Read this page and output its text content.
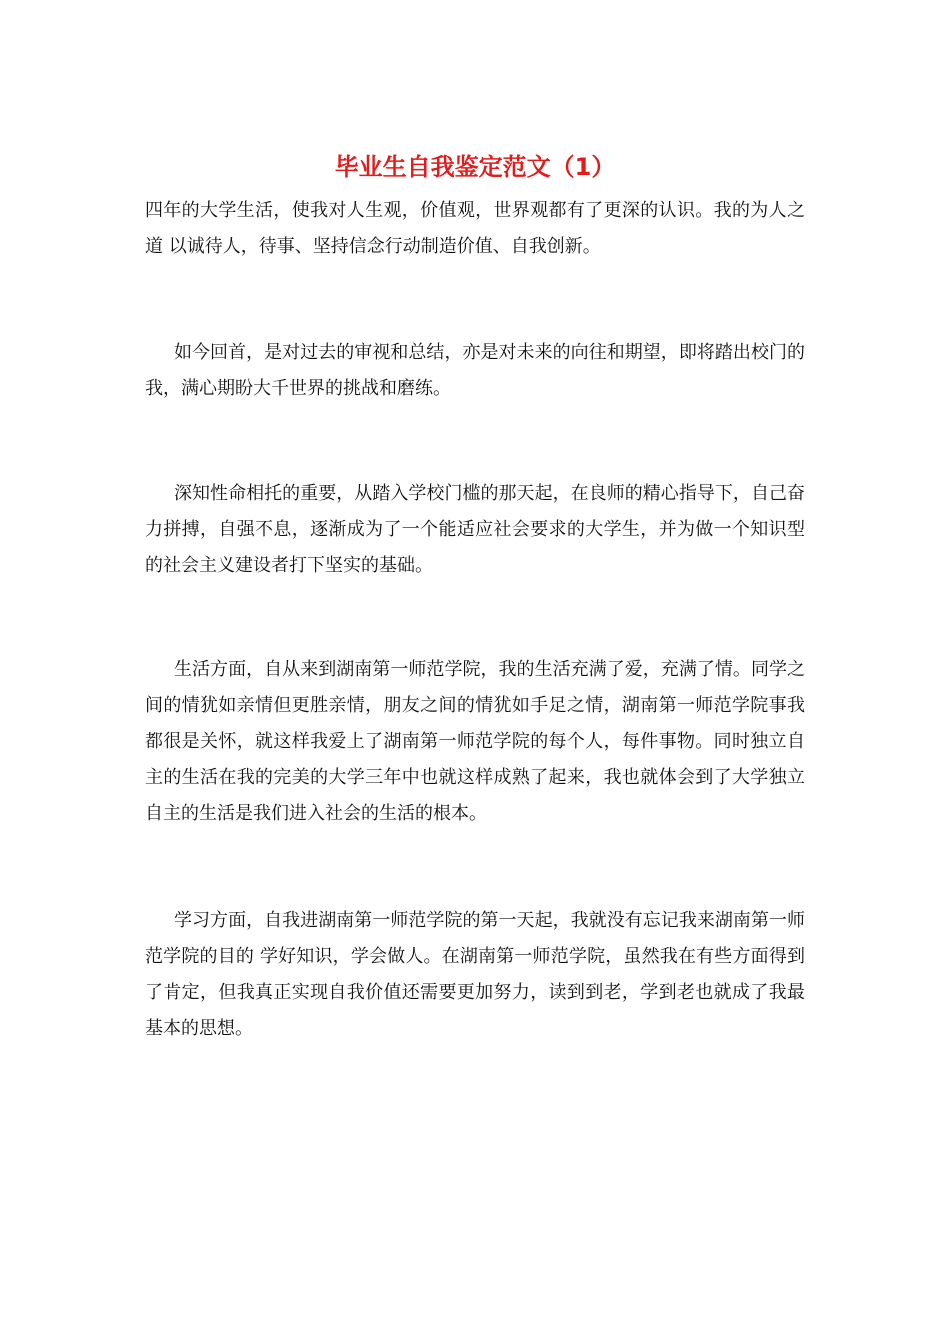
毕业生自我鉴定范文（1）

四年的大学生活，使我对人生观，价值观，世界观都有了更深的认识。我的为人之道 以诚待人，待事、坚持信念行动制造价值、自我创新。

如今回首，是对过去的审视和总结，亦是对未来的向往和期望，即将踏出校门的我，满心期盼大千世界的挑战和磨练。

深知性命相托的重要，从踏入学校门槛的那天起，在良师的精心指导下，自己奋力拼搏，自强不息，逐渐成为了一个能适应社会要求的大学生，并为做一个知识型的社会主义建设者打下坚实的基础。

生活方面，自从来到湖南第一师范学院，我的生活充满了爱，充满了情。同学之间的情犹如亲情但更胜亲情，朋友之间的情犹如手足之情，湖南第一师范学院事我都很是关怀，就这样我爱上了湖南第一师范学院的每个人，每件事物。同时独立自主的生活在我的完美的大学三年中也就这样成熟了起来，我也就体会到了大学独立自主的生活是我们进入社会的生活的根本。

学习方面，自我进湖南第一师范学院的第一天起，我就没有忘记我来湖南第一师范学院的目的 学好知识，学会做人。在湖南第一师范学院，虽然我在有些方面得到了肯定，但我真正实现自我价值还需要更加努力，读到到老，学到老也就成了我最基本的思想。
